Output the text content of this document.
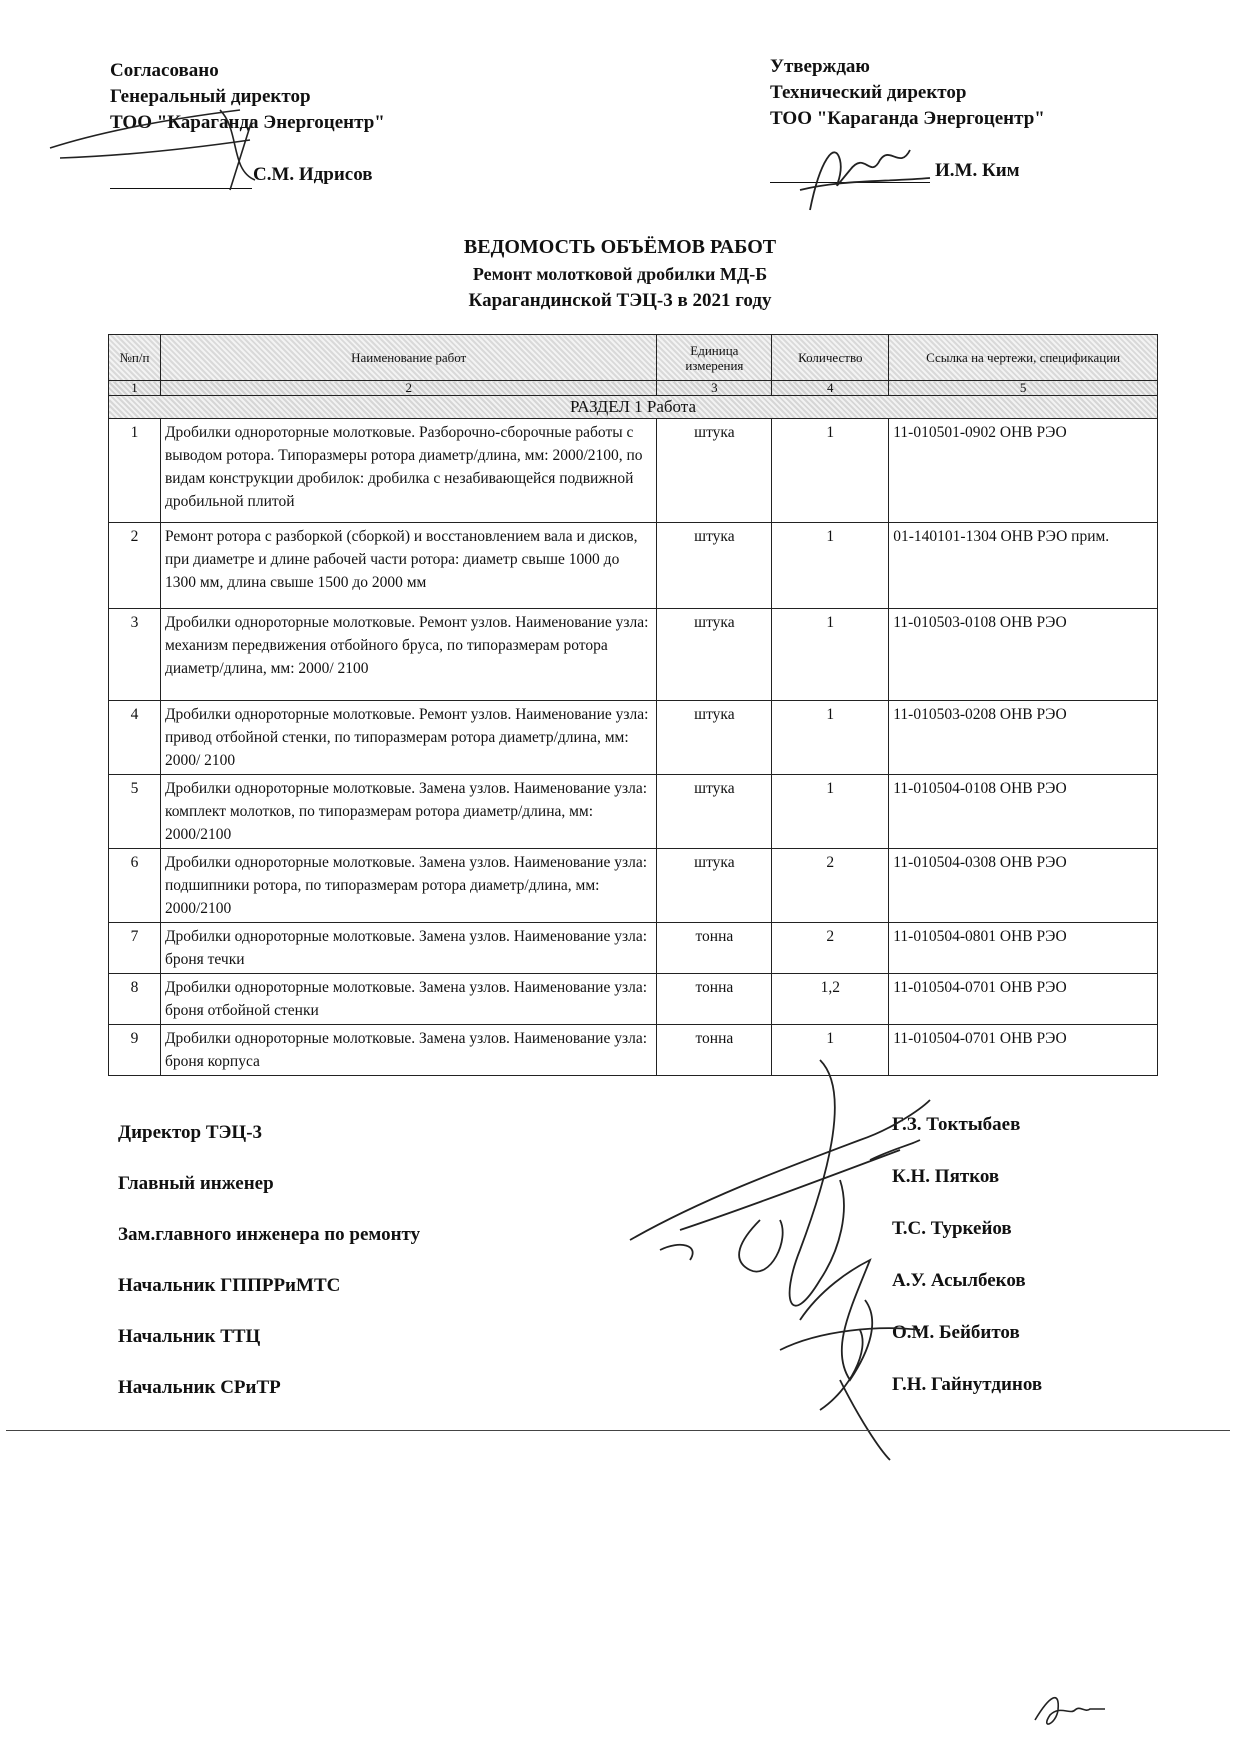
Согласовано
Генеральный директор
ТОО "Караганда Энергоцентр"
С.М. Идрисов
Утверждаю
Технический директор
ТОО "Караганда Энергоцентр"
И.М. Ким
ВЕДОМОСТЬ ОБЪЁМОВ РАБОТ
Ремонт молотковой дробилки МД-Б
Карагандинской ТЭЦ-3 в 2021 году
№п/п	Наименование работ	Единица измерения	Количество	Ссылка на чертежи, спецификации
1	2	3	4	5
РАЗДЕЛ 1 Работа				
1	Дробилки однороторные молотковые. Разборочно-сборочные работы с выводом ротора. Типоразмеры ротора диаметр/длина, мм: 2000/2100, по видам конструкции дробилок: дробилка с незабивающейся подвижной дробильной плитой	штука	1	11-010501-0902 ОНВ РЭО
2	Ремонт ротора с разборкой (сборкой) и восстановлением вала и дисков, при диаметре и длине рабочей части ротора: диаметр свыше 1000 до 1300 мм, длина свыше 1500 до 2000 мм	штука	1	01-140101-1304 ОНВ РЭО прим.
3	Дробилки однороторные молотковые. Ремонт узлов. Наименование узла: механизм передвижения отбойного бруса, по типоразмерам ротора диаметр/длина, мм: 2000/ 2100	штука	1	11-010503-0108 ОНВ РЭО
4	Дробилки однороторные молотковые. Ремонт узлов. Наименование узла: привод отбойной стенки, по типоразмерам ротора диаметр/длина, мм: 2000/ 2100	штука	1	11-010503-0208 ОНВ РЭО
5	Дробилки однороторные молотковые. Замена узлов. Наименование узла: комплект молотков, по типоразмерам ротора диаметр/длина, мм: 2000/2100	штука	1	11-010504-0108 ОНВ РЭО
6	Дробилки однороторные молотковые. Замена узлов. Наименование узла: подшипники ротора, по типоразмерам ротора диаметр/длина, мм: 2000/2100	штука	2	11-010504-0308 ОНВ РЭО
7	Дробилки однороторные молотковые. Замена узлов. Наименование узла: броня течки	тонна	2	11-010504-0801 ОНВ РЭО
8	Дробилки однороторные молотковые. Замена узлов. Наименование узла: броня отбойной стенки	тонна	1,2	11-010504-0701 ОНВ РЭО
9	Дробилки однороторные молотковые. Замена узлов. Наименование узла: броня корпуса	тонна	1	11-010504-0701 ОНВ РЭО
Директор ТЭЦ-3
Главный инженер
Зам.главного инженера по ремонту
Начальник ГППРРиМТС
Начальник ТТЦ
Начальник СРиТР
Г.З. Токтыбаев
К.Н. Пятков
Т.С. Туркейов
А.У. Асылбеков
О.М. Бейбитов
Г.Н. Гайнутдинов
